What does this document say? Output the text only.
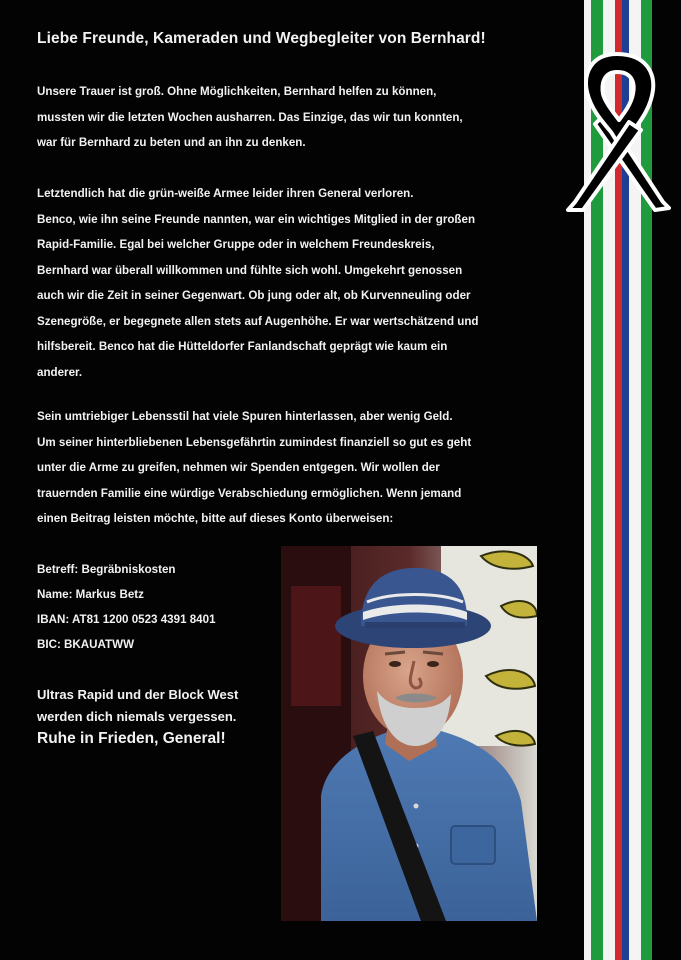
Liebe Freunde, Kameraden und Wegbegleiter von Bernhard!

Unsere Trauer ist groß. Ohne Möglichkeiten, Bernhard helfen zu können,

mussten wir die letzten Wochen ausharren. Das Einzige, das wir tun konnten,

war für Bernhard zu beten und an ihn zu denken.

Letztendlich hat die grün-weiße Armee leider ihren General verloren.

Benco, wie ihn seine Freunde nannten, war ein wichtiges Mitglied in der großen

Rapid-Familie. Egal bei welcher Gruppe oder in welchem Freundeskreis,

Bernhard war überall willkommen und fühlte sich wohl. Umgekehrt genossen

auch wir die Zeit in seiner Gegenwart. Ob jung oder alt, ob Kurvenneuling oder

Szenegröße, er begegnete allen stets auf Augenhöhe. Er war wertschätzend und

hilfsbereit. Benco hat die Hütteldorfer Fanlandschaft geprägt wie kaum ein

anderer.

Sein umtriebiger Lebensstil hat viele Spuren hinterlassen, aber wenig Geld.

Um seiner hinterbliebenen Lebensgefährtin zumindest finanziell so gut es geht

unter die Arme zu greifen, nehmen wir Spenden entgegen. Wir wollen der

trauernden Familie eine würdige Verabschiedung ermöglichen. Wenn jemand

einen Beitrag leisten möchte, bitte auf dieses Konto überweisen:

Betreff: Begräbniskosten

Name: Markus Betz

IBAN: AT81 1200 0523 4391 8401

BIC: BKAUATWW

Ultras Rapid und der Block West

werden dich niemals vergessen.

Ruhe in Frieden, General!
